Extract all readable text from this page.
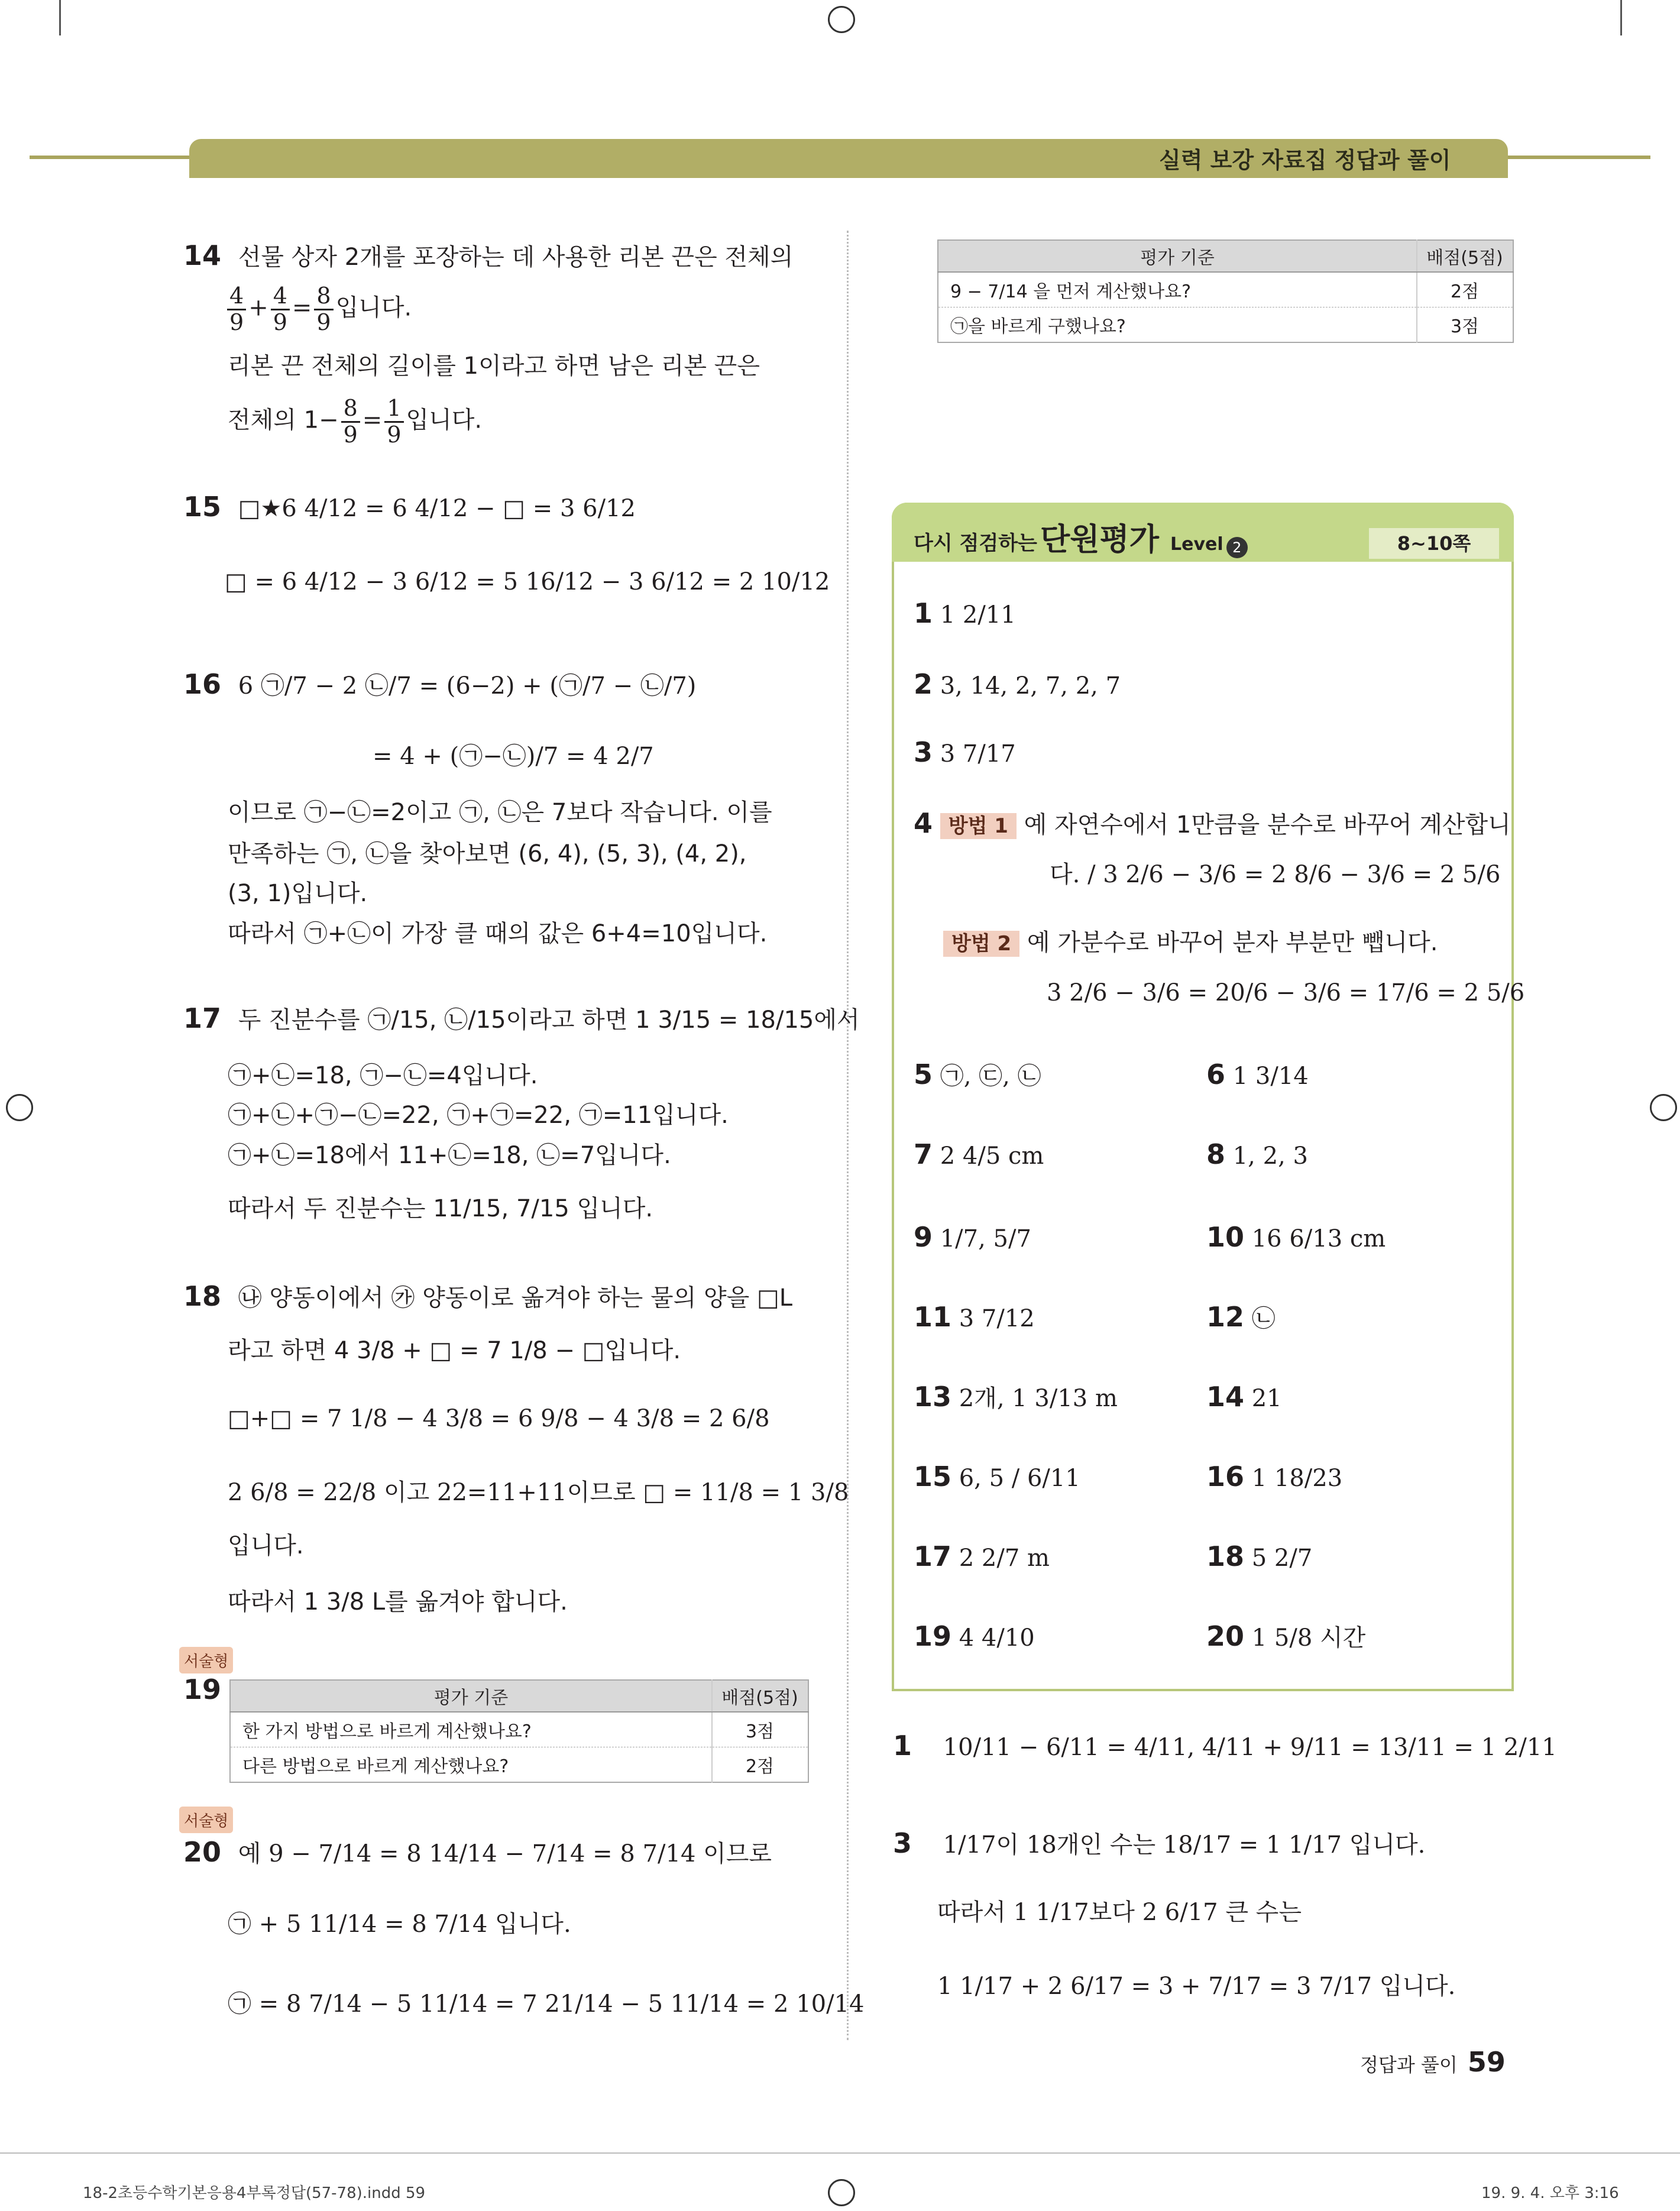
실력 보강 자료집 정답과 풀이
14 선물 상자 2개를 포장하는 데 사용한 리본 끈은 전체의
$\frac{4}{9} + \frac{4}{9} = \frac{8}{9}$ 입니다.
리본 끈 전체의 길이를 1이라고 하면 남은 리본 끈은
전체의 $1- \frac{8}{9} = \frac{1}{9}$ 입니다.
15 □★6 4/12 = 6 4/12 − □ = 3 6/12
□ = 6 4/12 − 3 6/12 = 5 16/12 − 3 6/12 = 2 10/12
16 6 ㉠/7 − 2 ㉡/7 = (6−2) + (㉠/7 − ㉡/7)
= 4 + (㉠−㉡)/7 = 4 2/7
이므로 ㉠−㉡=2이고 ㉠, ㉡은 7보다 작습니다. 이를
만족하는 ㉠, ㉡을 찾아보면 (6, 4), (5, 3), (4, 2),
(3, 1)입니다.
따라서 ㉠+㉡이 가장 클 때의 값은 6+4=10입니다.
17 두 진분수를 ㉠/15, ㉡/15이라고 하면 1 3/15 = 18/15에서
㉠+㉡=18, ㉠−㉡=4입니다.
㉠+㉡+㉠−㉡=22, ㉠+㉠=22, ㉠=11입니다.
㉠+㉡=18에서 11+㉡=18, ㉡=7입니다.
따라서 두 진분수는 11/15, 7/15 입니다.
18 ㉯ 양동이에서 ㉮ 양동이로 옮겨야 하는 물의 양을 □L
라고 하면 4 3/8 + □ = 7 1/8 − □입니다.
□+□ = 7 1/8 − 4 3/8 = 6 9/8 − 4 3/8 = 2 6/8
2 6/8 = 22/8 이고 22=11+11이므로 □ = 11/8 = 1 3/8
입니다.
따라서 1 3/8 L를 옮겨야 합니다.
서술형
19	평가 기준	배점(5점)
한 가지 방법으로 바르게 계산했나요?	3점
다른 방법으로 바르게 계산했나요?	2점
서술형
20 예 9 − 7/14 = 8 14/14 − 7/14 = 8 7/14 이므로
㉠ + 5 11/14 = 8 7/14 입니다.
㉠ = 8 7/14 − 5 11/14 = 7 21/14 − 5 11/14 = 2 10/14
평가 기준	배점(5점)
9 − 7/14 을 먼저 계산했나요?	2점
㉠을 바르게 구했나요?	3점
다시 점검하는 단원평가 Level 2	8∼10쪽
1 1 2/11
2 3, 14, 2, 7, 2, 7
3 3 7/17
4 방법 1 예 자연수에서 1만큼을 분수로 바꾸어 계산합니
다. / 3 2/6 − 3/6 = 2 8/6 − 3/6 = 2 5/6
방법 2 예 가분수로 바꾸어 분자 부분만 뺍니다.
3 2/6 − 3/6 = 20/6 − 3/6 = 17/6 = 2 5/6
5 ㉠, ㉢, ㉡	6 1 3/14
7 2 4/5 cm	8 1, 2, 3
9 1/7, 5/7	10 16 6/13 cm
11 3 7/12	12 ㉡
13 2개, 1 3/13 m	14 21
15 6, 5 / 6/11	16 1 18/23
17 2 2/7 m	18 5 2/7
19 4 4/10	20 1 5/8 시간
1 10/11 − 6/11 = 4/11, 4/11 + 9/11 = 13/11 = 1 2/11
3 1/17이 18개인 수는 18/17 = 1 1/17 입니다.
따라서 1 1/17보다 2 6/17 큰 수는
1 1/17 + 2 6/17 = 3 + 7/17 = 3 7/17 입니다.
정답과 풀이 59
18-2초등수학기본응용4부록정답(57-78).indd 59	19. 9. 4. 오후 3:16
